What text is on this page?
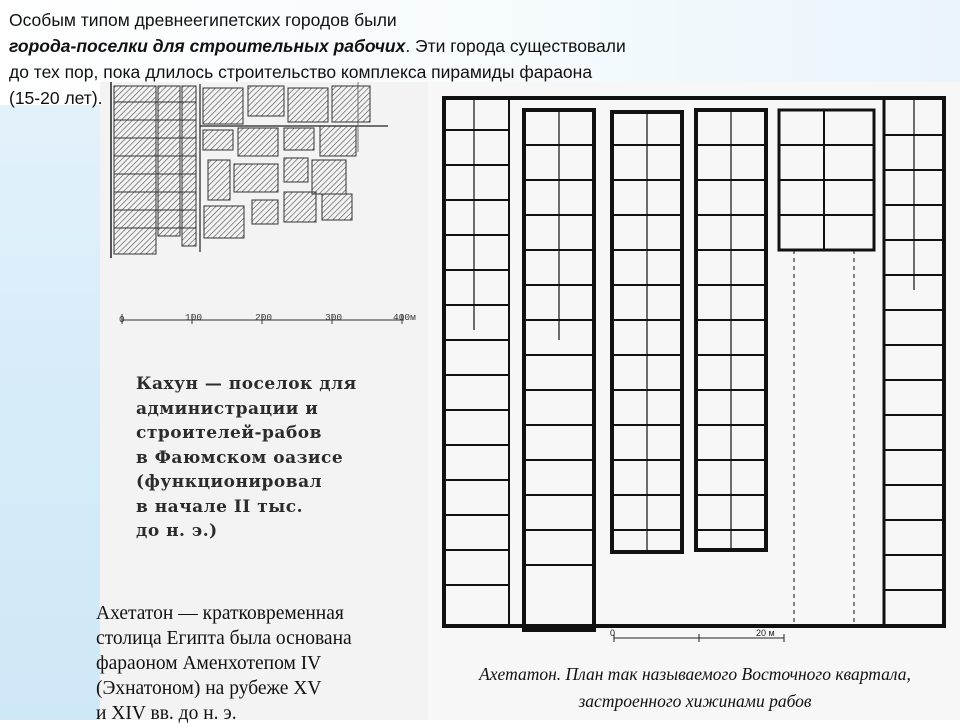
Особым типом древнеегипетских городов были
города-поселки для строительных рабочих. Эти города существовали
до тех пор, пока длилось строительство комплекса пирамиды фараона
(15-20 лет).
0	100	200	300	400м
Кахун — поселок для
администрации и
строителей-рабов
в Фаюмском оазисе
(функционировал
в начале II тыс.
до н. э.)
Ахетатон — кратковременная
столица Египта была основана
фараоном Аменхотепом IV
(Эхнатоном) на рубеже XV
и XIV вв. до н. э.
0	20 м
Ахетатон. План так называемого Восточного квартала,
застроенного хижинами рабов
